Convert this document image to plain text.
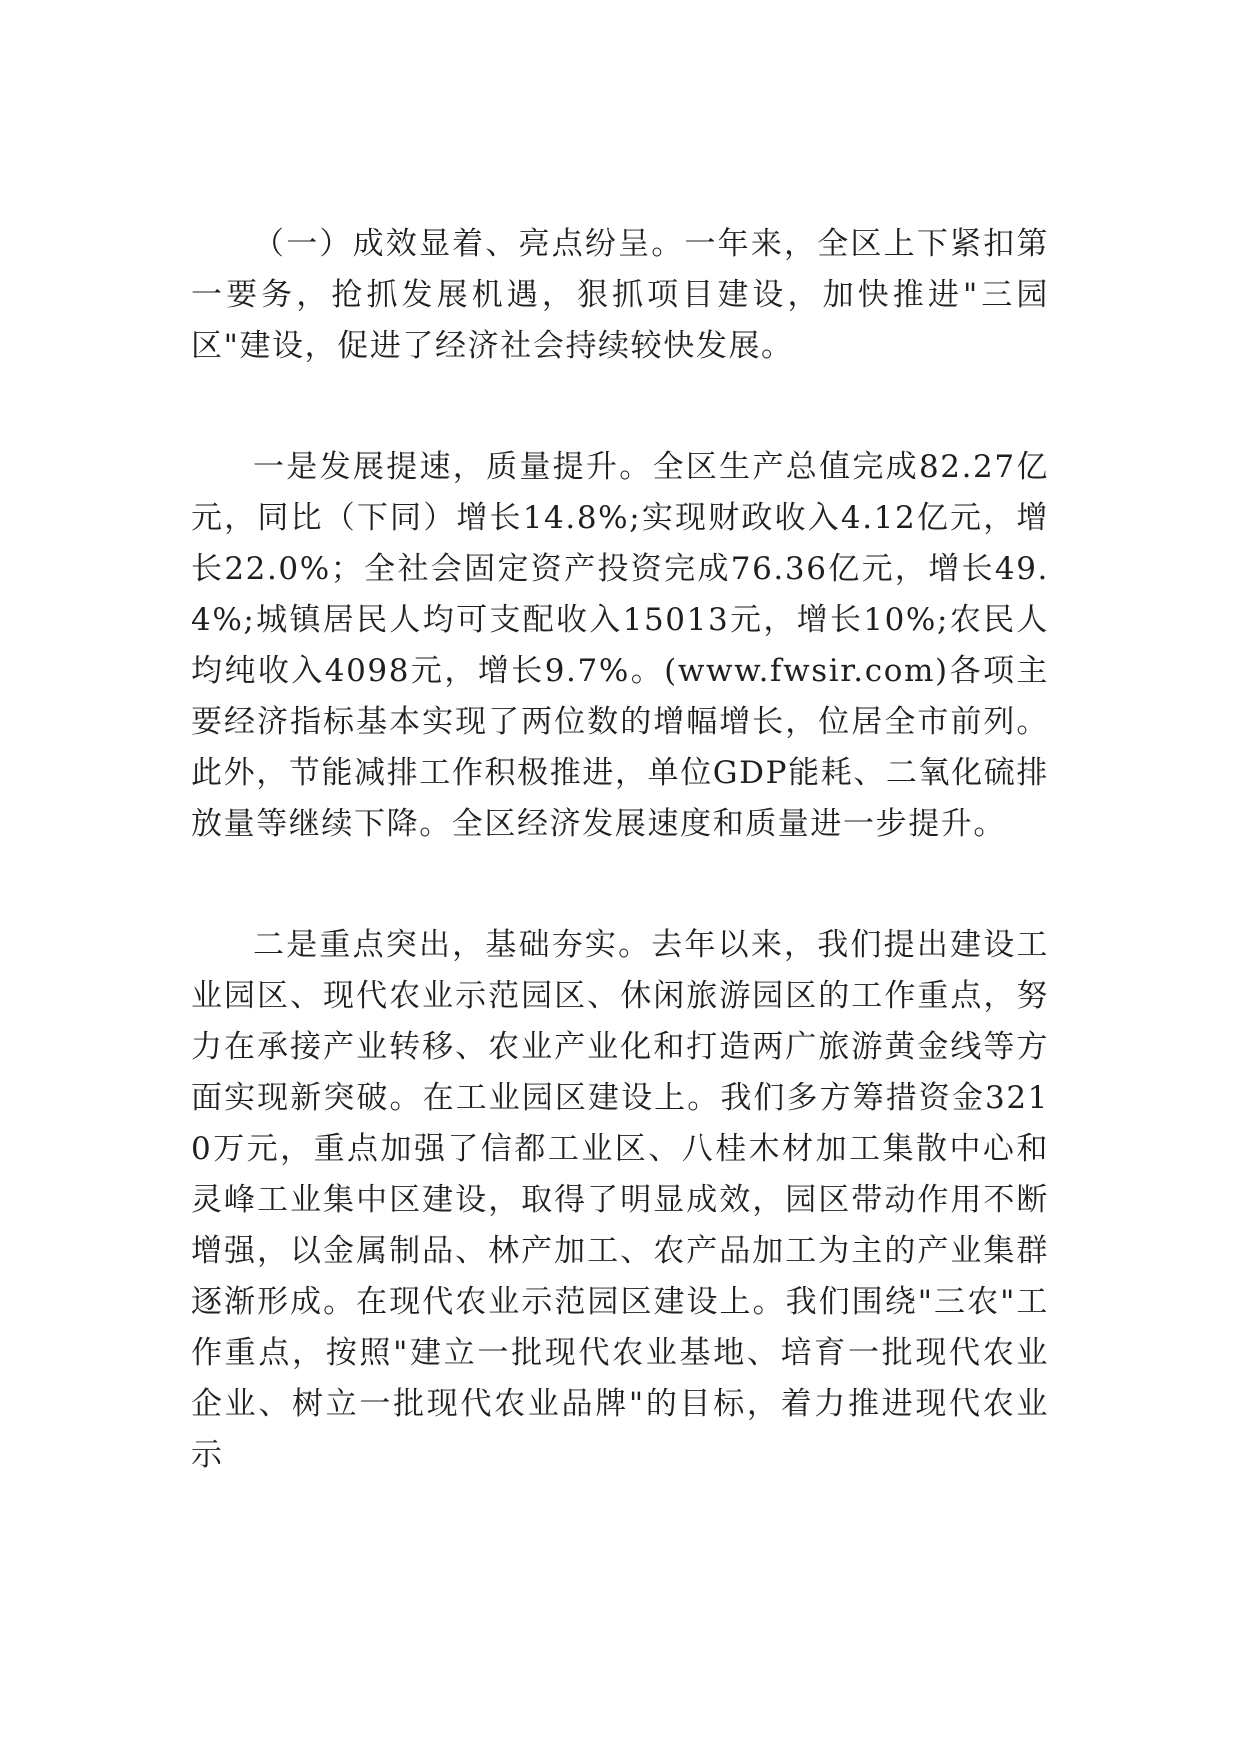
（一）成效显着、亮点纷呈。一年来，全区上下紧扣第一要务，抢抓发展机遇，狠抓项目建设，加快推进"三园区"建设，促进了经济社会持续较快发展。

一是发展提速，质量提升。全区生产总值完成82.27亿元，同比（下同）增长14.8%;实现财政收入4.12亿元，增长22.0%；全社会固定资产投资完成76.36亿元，增长49.4%;城镇居民人均可支配收入15013元，增长10%;农民人均纯收入4098元，增长9.7%。(www.fwsir.com)各项主要经济指标基本实现了两位数的增幅增长，位居全市前列。此外，节能减排工作积极推进，单位GDP能耗、二氧化硫排放量等继续下降。全区经济发展速度和质量进一步提升。

二是重点突出，基础夯实。去年以来，我们提出建设工业园区、现代农业示范园区、休闲旅游园区的工作重点，努力在承接产业转移、农业产业化和打造两广旅游黄金线等方面实现新突破。在工业园区建设上。我们多方筹措资金3210万元，重点加强了信都工业区、八桂木材加工集散中心和灵峰工业集中区建设，取得了明显成效，园区带动作用不断增强，以金属制品、林产加工、农产品加工为主的产业集群逐渐形成。在现代农业示范园区建设上。我们围绕"三农"工作重点，按照"建立一批现代农业基地、培育一批现代农业企业、树立一批现代农业品牌"的目标，着力推进现代农业示
